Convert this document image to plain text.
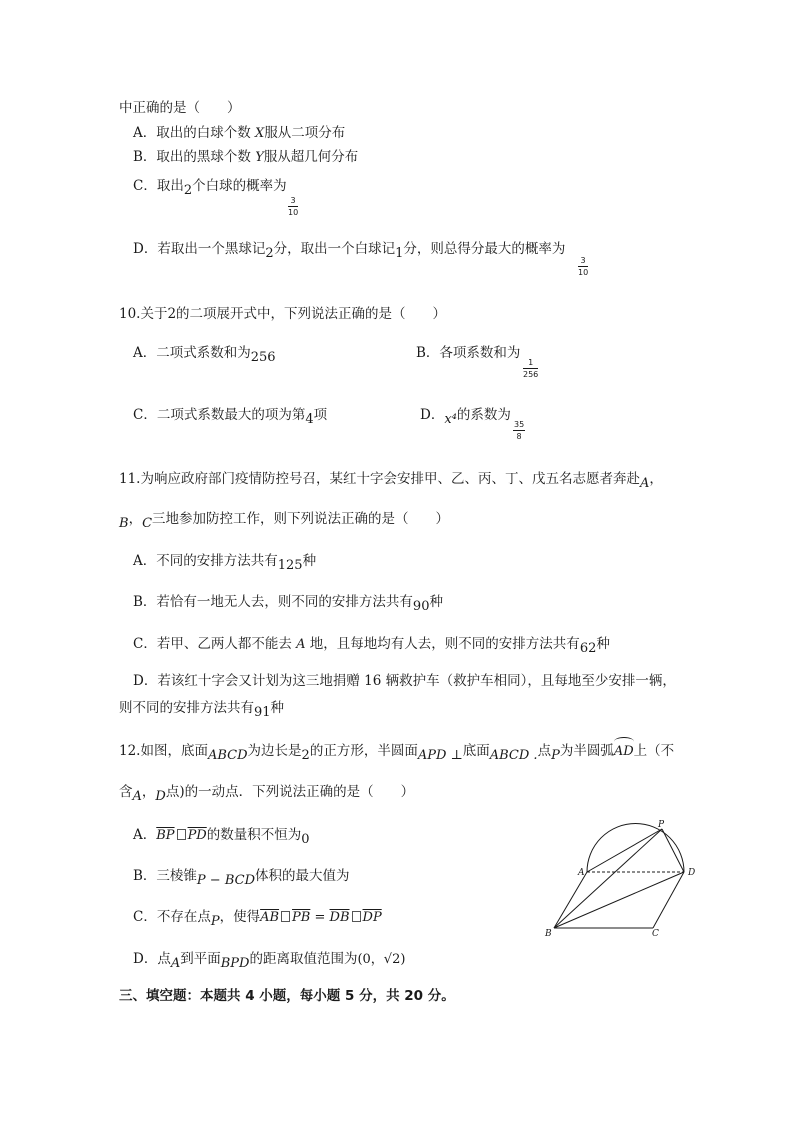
中正确的是（　　）
A．取出的白球个数 X服从二项分布
B．取出的黑球个数 Y服从超几何分布
C．取出2个白球的概率为
$\frac{3}{10}$
D．若取出一个黑球记2分，取出一个白球记1分，则总得分最大的概率为
$\frac{3}{10}$
10.关于2的二项展开式中，下列说法正确的是（　　）
A．二项式系数和为256	B．各项系数和为
$\frac{1}{256}$
C．二项式系数最大的项为第4项	D．x⁴的系数为
$\frac{35}{8}$
11.为响应政府部门疫情防控号召，某红十字会安排甲、乙、丙、丁、戊五名志愿者奔赴A，
B，C三地参加防控工作，则下列说法正确的是（　　）
A．不同的安排方法共有125种
B．若恰有一地无人去，则不同的安排方法共有90种
C．若甲、乙两人都不能去 A 地，且每地均有人去，则不同的安排方法共有62种
D．若该红十字会又计划为这三地捐赠 16 辆救护车（救护车相同），且每地至少安排一辆，
则不同的安排方法共有91种
12.如图，底面ABCD为边长是2的正方形，半圆面APD ⊥底面ABCD .点P为半圆弧
AD上（不
含A，D点)的一动点．下列说法正确的是（　　）
A．$\overline{BP}$ $\overline{PD}$的数量积不恒为0
B．三棱锥P − BCD体积的最大值为
C．不存在点P，使得$\overline{AB}$ $\overline{PB} = \overline{DB}$ $\overline{DP}$
D．点A到平面BPD的距离取值范围为(0，√2)
P
A	D
B	C
三、填空题：本题共 4 小题，每小题 5 分，共 20 分。
